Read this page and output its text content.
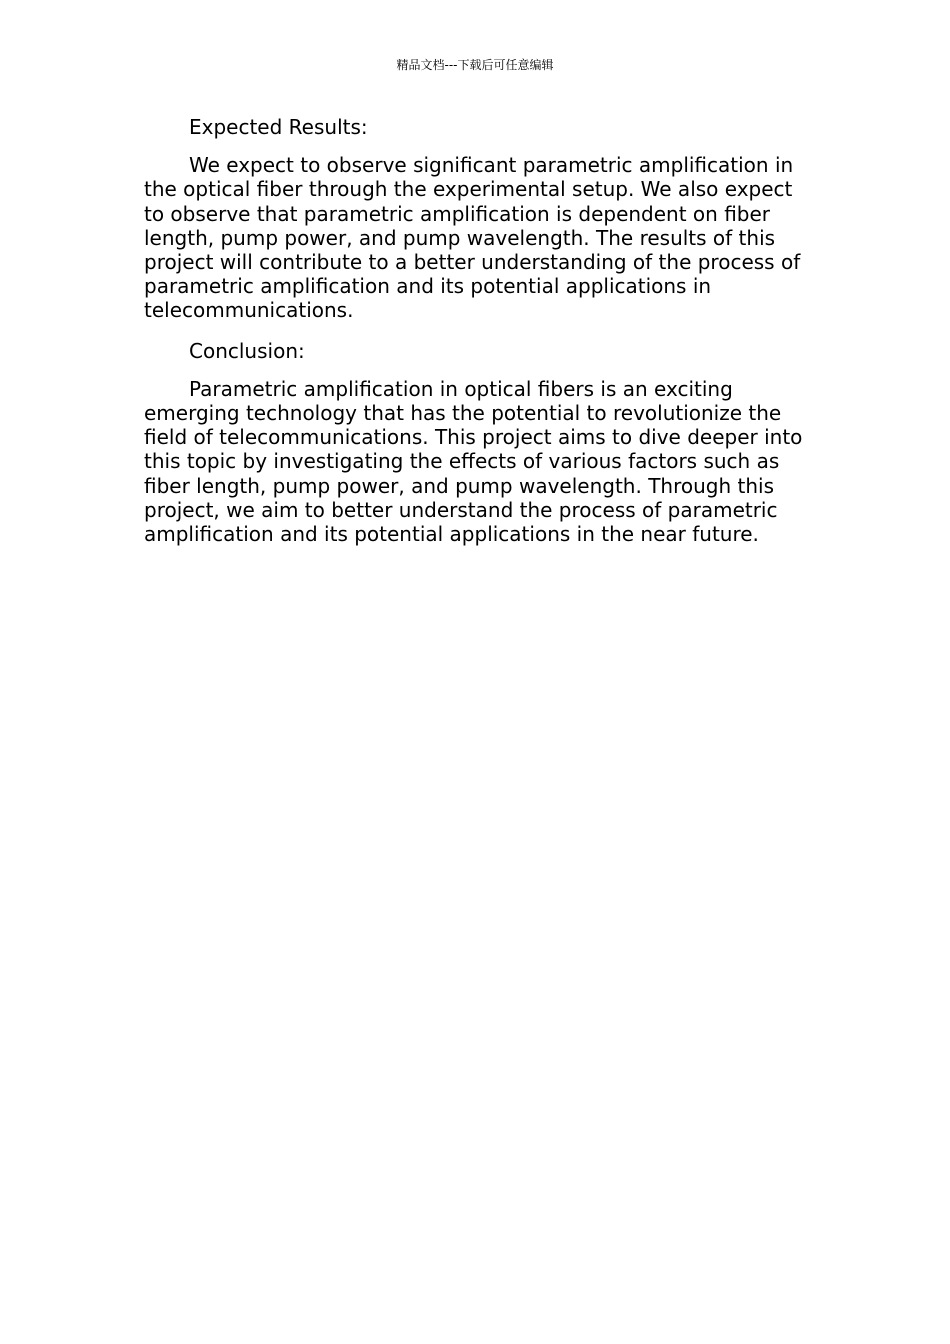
精品文档---下载后可任意编辑

Expected Results:

We expect to observe significant parametric amplification in the optical fiber through the experimental setup. We also expect to observe that parametric amplification is dependent on fiber length, pump power, and pump wavelength. The results of this project will contribute to a better understanding of the process of parametric amplification and its potential applications in telecommunications.

Conclusion:

Parametric amplification in optical fibers is an exciting emerging technology that has the potential to revolutionize the field of telecommunications. This project aims to dive deeper into this topic by investigating the effects of various factors such as fiber length, pump power, and pump wavelength. Through this project, we aim to better understand the process of parametric amplification and its potential applications in the near future.
